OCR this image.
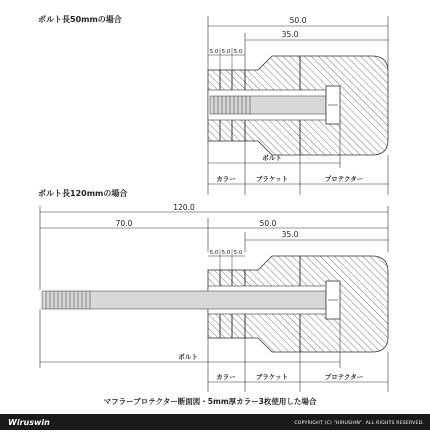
ボルト長50mmの場合	50.0
35.0
5.0 5.0 5.0
ボルト
カラー	ブラケット	プロテクター
ボルト長120mmの場合
120.0
70.0	50.0
35.0
5.0 5.0 5.0
ボルト
カラー	ブラケット	プロテクター
マフラープロテクター断面図・5mm厚カラー3枚使用した場合
Wiruswin	COPYRIGHT (C) "HIRUSHIN". ALL RIGHTS RESERVED.
